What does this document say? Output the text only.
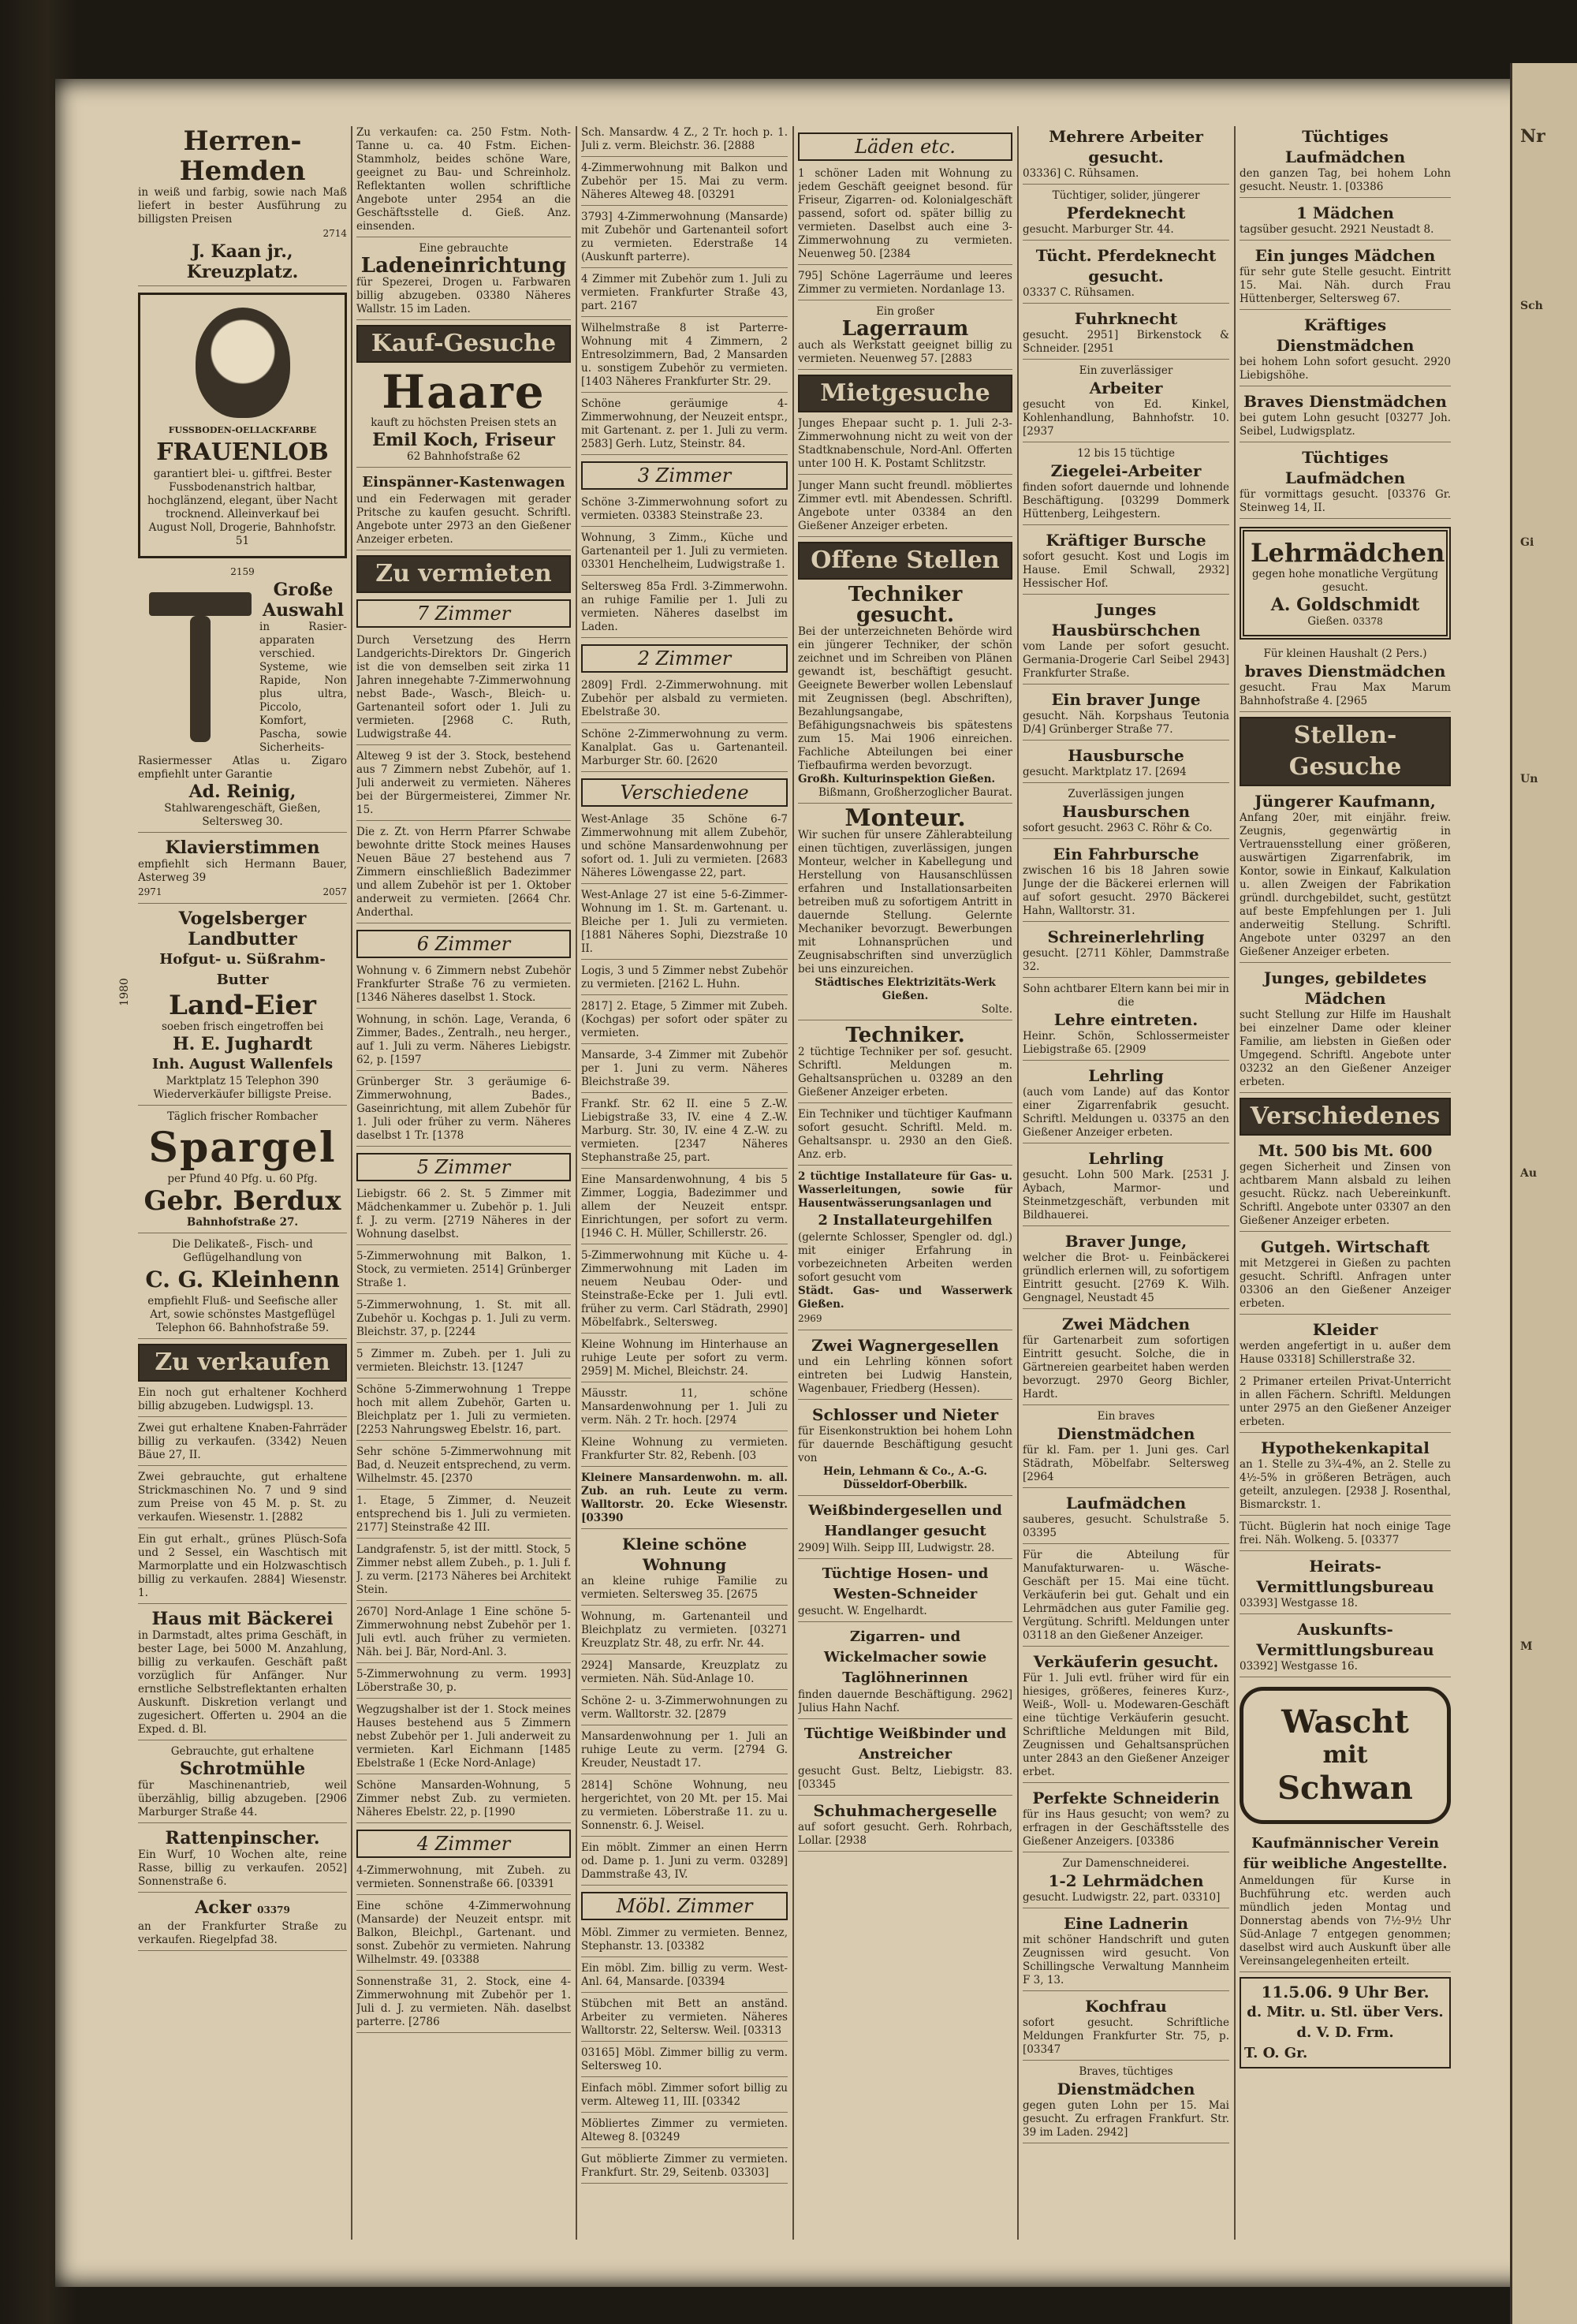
Nr
Sch
Gi
Un
Au
M
Herren-Hemden
in weiß und farbig, sowie nach Maß liefert in bester Ausführung zu billigsten Preisen
2714
J. Kaan jr., Kreuzplatz.
FUSSBODEN-OELLACKFARBE
FRAUENLOB
garantiert blei- u. giftfrei. Bester Fussbodenanstrich haltbar, hochglänzend, elegant, über Nacht trocknend. Alleinverkauf bei August Noll, Drogerie, Bahnhofstr. 51
2159
Große Auswahl
in Rasier-apparaten verschied. Systeme, wie Rapide, Non plus ultra, Piccolo, Komfort, Pascha, sowie Sicherheits-Rasiermesser Atlas u. Zigaro empfiehlt unter Garantie
Ad. Reinig,
Stahlwarengeschäft, Gießen, Seltersweg 30.
Klavierstimmen
empfiehlt sich Hermann Bauer, Asterweg 39
2971	2057
Vogelsberger Landbutter
Hofgut- u. Süßrahm-Butter
Land-Eier
soeben frisch eingetroffen bei
H. E. Jughardt
Inh. August Wallenfels
Marktplatz 15 Telephon 390 Wiederverkäufer billigste Preise.
Täglich frischer Rombacher
Spargel
per Pfund 40 Pfg. u. 60 Pfg.
Gebr. Berdux
Bahnhofstraße 27.
Die Delikateß-, Fisch- und Geflügelhandlung von
C. G. Kleinhenn
empfiehlt Fluß- und Seefische aller Art, sowie schönstes Mastgeflügel Telephon 66. Bahnhofstraße 59.
Zu verkaufen
Ein noch gut erhaltener Kochherd billig abzugeben. Ludwigspl. 13.
Zwei gut erhaltene Knaben-Fahrräder billig zu verkaufen. (3342) Neuen Bäue 27, II.
Zwei gebrauchte, gut erhaltene Strickmaschinen No. 7 und 9 sind zum Preise von 45 M. p. St. zu verkaufen. Wiesenstr. 1. [2882
Ein gut erhalt., grünes Plüsch-Sofa und 2 Sessel, ein Waschtisch mit Marmorplatte und ein Holzwaschtisch billig zu verkaufen. 2884] Wiesenstr. 1.
Haus mit Bäckerei
in Darmstadt, altes prima Geschäft, in bester Lage, bei 5000 M. Anzahlung, billig zu verkaufen. Geschäft paßt vorzüglich für Anfänger. Nur ernstliche Selbstreflektanten erhalten Auskunft. Diskretion verlangt und zugesichert. Offerten u. 2904 an die Exped. d. Bl.
Gebrauchte, gut erhaltene
Schrotmühle
für Maschinenantrieb, weil überzählig, billig abzugeben. [2906 Marburger Straße 44.
Rattenpinscher.
Ein Wurf, 10 Wochen alte, reine Rasse, billig zu verkaufen. 2052] Sonnenstraße 6.
Acker 03379
an der Frankfurter Straße zu verkaufen. Riegelpfad 38.
1980
Zu verkaufen: ca. 250 Fstm. Noth-Tanne u. ca. 40 Fstm. Eichen-Stammholz, beides schöne Ware, geeignet zu Bau- und Schreinholz. Reflektanten wollen schriftliche Angebote unter 2954 an die Geschäftsstelle d. Gieß. Anz. einsenden.
Eine gebrauchte
Ladeneinrichtung
für Spezerei, Drogen u. Farbwaren billig abzugeben. 03380 Näheres Wallstr. 15 im Laden.
Kauf-Gesuche
Haare
kauft zu höchsten Preisen stets an
Emil Koch, Friseur
62 Bahnhofstraße 62
Einspänner-Kastenwagen
und ein Federwagen mit gerader Pritsche zu kaufen gesucht. Schriftl. Angebote unter 2973 an den Gießener Anzeiger erbeten.
Zu vermieten
7 Zimmer
Durch Versetzung des Herrn Landgerichts-Direktors Dr. Gingerich ist die von demselben seit zirka 11 Jahren innegehabte 7-Zimmerwohnung nebst Bade-, Wasch-, Bleich- u. Gartenanteil sofort oder 1. Juli zu vermieten. [2968 C. Ruth, Ludwigstraße 44.
Alteweg 9 ist der 3. Stock, bestehend aus 7 Zimmern nebst Zubehör, auf 1. Juli anderweit zu vermieten. Näheres bei der Bürgermeisterei, Zimmer Nr. 15.
Die z. Zt. von Herrn Pfarrer Schwabe bewohnte dritte Stock meines Hauses Neuen Bäue 27 bestehend aus 7 Zimmern einschließlich Badezimmer und allem Zubehör ist per 1. Oktober anderweit zu vermieten. [2664 Chr. Anderthal.
6 Zimmer
Wohnung v. 6 Zimmern nebst Zubehör Frankfurter Straße 76 zu vermieten. [1346 Näheres daselbst 1. Stock.
Wohnung, in schön. Lage, Veranda, 6 Zimmer, Bades., Zentralh., neu herger., auf 1. Juli zu verm. Näheres Liebigstr. 62, p. [1597
Grünberger Str. 3 geräumige 6-Zimmerwohnung, Bades., Gaseinrichtung, mit allem Zubehör für 1. Juli oder früher zu verm. Näheres daselbst 1 Tr. [1378
5 Zimmer
Liebigstr. 66 2. St. 5 Zimmer mit Mädchenkammer u. Zubehör p. 1. Juli f. J. zu verm. [2719 Näheres in der Wohnung daselbst.
5-Zimmerwohnung mit Balkon, 1. Stock, zu vermieten. 2514] Grünberger Straße 1.
5-Zimmerwohnung, 1. St. mit all. Zubehör u. Kochgas p. 1. Juli zu verm. Bleichstr. 37, p. [2244
5 Zimmer m. Zubeh. per 1. Juli zu vermieten. Bleichstr. 13. [1247
Schöne 5-Zimmerwohnung 1 Treppe hoch mit allem Zubehör, Garten u. Bleichplatz per 1. Juli zu vermieten. [2253 Nahrungsweg Ebelstr. 16, part.
Sehr schöne 5-Zimmerwohnung mit Bad, d. Neuzeit entsprechend, zu verm. Wilhelmstr. 45. [2370
1. Etage, 5 Zimmer, d. Neuzeit entsprechend bis 1. Juli zu vermieten. 2177] Steinstraße 42 III.
Landgrafenstr. 5, ist der mittl. Stock, 5 Zimmer nebst allem Zubeh., p. 1. Juli f. J. zu verm. [2173 Näheres bei Architekt Stein.
2670] Nord-Anlage 1 Eine schöne 5-Zimmerwohnung nebst Zubehör per 1. Juli evtl. auch früher zu vermieten. Näh. bei J. Bär, Nord-Anl. 3.
5-Zimmerwohnung zu verm. 1993] Löberstraße 30, p.
Wegzugshalber ist der 1. Stock meines Hauses bestehend aus 5 Zimmern nebst Zubehör per 1. Juli anderweit zu vermieten. Karl Eichmann [1485 Ebelstraße 1 (Ecke Nord-Anlage)
Schöne Mansarden-Wohnung, 5 Zimmer nebst Zub. zu vermieten. Näheres Ebelstr. 22, p. [1990
4 Zimmer
4-Zimmerwohnung, mit Zubeh. zu vermieten. Sonnenstraße 66. [03391
Eine schöne 4-Zimmerwohnung (Mansarde) der Neuzeit entspr. mit Balkon, Bleichpl., Gartenant. und sonst. Zubehör zu vermieten. Nahrung Wilhelmstr. 49. [03388
Sonnenstraße 31, 2. Stock, eine 4-Zimmerwohnung mit Zubehör per 1. Juli d. J. zu vermieten. Näh. daselbst parterre. [2786
Sch. Mansardw. 4 Z., 2 Tr. hoch p. 1. Juli z. verm. Bleichstr. 36. [2888
4-Zimmerwohnung mit Balkon und Zubehör per 15. Mai zu verm. Näheres Alteweg 48. [03291
3793] 4-Zimmerwohnung (Mansarde) mit Zubehör und Gartenanteil sofort zu vermieten. Ederstraße 14 (Auskunft parterre).
4 Zimmer mit Zubehör zum 1. Juli zu vermieten. Frankfurter Straße 43, part. 2167
Wilhelmstraße 8 ist Parterre-Wohnung mit 4 Zimmern, 2 Entresolzimmern, Bad, 2 Mansarden u. sonstigem Zubehör zu vermieten. [1403 Näheres Frankfurter Str. 29.
Schöne geräumige 4-Zimmerwohnung, der Neuzeit entspr., mit Gartenant. z. per 1. Juli zu verm. 2583] Gerh. Lutz, Steinstr. 84.
3 Zimmer
Schöne 3-Zimmerwohnung sofort zu vermieten. 03383 Steinstraße 23.
Wohnung, 3 Zimm., Küche und Gartenanteil per 1. Juli zu vermieten. 03301 Henchelheim, Ludwigstraße 1.
Seltersweg 85a Frdl. 3-Zimmerwohn. an ruhige Familie per 1. Juli zu vermieten. Näheres daselbst im Laden.
2 Zimmer
2809] Frdl. 2-Zimmerwohnung. mit Zubehör per alsbald zu vermieten. Ebelstraße 30.
Schöne 2-Zimmerwohnung zu verm. Kanalplat. Gas u. Gartenanteil. Marburger Str. 60. [2620
Verschiedene
West-Anlage 35 Schöne 6-7 Zimmerwohnung mit allem Zubehör, und schöne Mansardenwohnung per sofort od. 1. Juli zu vermieten. [2683 Näheres Löwengasse 22, part.
West-Anlage 27 ist eine 5-6-Zimmer-Wohnung im 1. St. m. Gartenant. u. Bleiche per 1. Juli zu vermieten. [1881 Näheres Sophi, Diezstraße 10 II.
Logis, 3 und 5 Zimmer nebst Zubehör zu vermieten. [2162 L. Huhn.
2817] 2. Etage, 5 Zimmer mit Zubeh. (Kochgas) per sofort oder später zu vermieten.
Mansarde, 3-4 Zimmer mit Zubehör per 1. Juni zu verm. Näheres Bleichstraße 39.
Frankf. Str. 62 II. eine 5 Z.-W. Liebigstraße 33, IV. eine 4 Z.-W. Marburg. Str. 30, IV. eine 4 Z.-W. zu vermieten. [2347 Näheres Stephanstraße 25, part.
Eine Mansardenwohnung, 4 bis 5 Zimmer, Loggia, Badezimmer und allem der Neuzeit entspr. Einrichtungen, per sofort zu verm. [1946 C. H. Müller, Schillerstr. 26.
5-Zimmerwohnung mit Küche u. 4-Zimmerwohnung mit Laden im neuem Neubau Oder- und Steinstraße-Ecke per 1. Juli evtl. früher zu verm. Carl Städrath, 2990] Möbelfabrk., Seltersweg.
Kleine Wohnung im Hinterhause an ruhige Leute per sofort zu verm. 2959] M. Michel, Bleichstr. 24.
Mäusstr. 11, schöne Mansardenwohnung per 1. Juli zu verm. Näh. 2 Tr. hoch. [2974
Kleine Wohnung zu vermieten. Frankfurter Str. 82, Rebenh. [03
Kleinere Mansardenwohn. m. all. Zub. an ruh. Leute zu verm. Walltorstr. 20. Ecke Wiesenstr. [03390
Kleine schöne Wohnung
an kleine ruhige Familie zu vermieten. Seltersweg 35. [2675
Wohnung, m. Gartenanteil und Bleichplatz zu vermieten. [03271 Kreuzplatz Str. 48, zu erfr. Nr. 44.
2924] Mansarde, Kreuzplatz zu vermieten. Näh. Süd-Anlage 10.
Schöne 2- u. 3-Zimmerwohnungen zu verm. Walltorstr. 32. [2879
Mansardenwohnung per 1. Juli an ruhige Leute zu verm. [2794 G. Kreuder, Neustadt 17.
2814] Schöne Wohnung, neu hergerichtet, von 20 Mt. per 15. Mai zu vermieten. Löberstraße 11. zu u. Sonnenstr. 6. J. Weisel.
Ein möblt. Zimmer an einen Herrn od. Dame p. 1. Juni zu verm. 03289] Dammstraße 43, IV.
Möbl. Zimmer
Möbl. Zimmer zu vermieten. Bennez, Stephanstr. 13. [03382
Ein möbl. Zim. billig zu verm. West-Anl. 64, Mansarde. [03394
Stübchen mit Bett an anständ. Arbeiter zu vermieten. Näheres Walltorstr. 22, Seltersw. Weil. [03313
03165] Möbl. Zimmer billig zu verm. Seltersweg 10.
Einfach möbl. Zimmer sofort billig zu verm. Alteweg 11, III. [03342
Möbliertes Zimmer zu vermieten. Alteweg 8. [03249
Gut möblierte Zimmer zu vermieten. Frankfurt. Str. 29, Seitenb. 03303]
Läden etc.
1 schöner Laden mit Wohnung zu jedem Geschäft geeignet besond. für Friseur, Zigarren- od. Kolonialgeschäft passend, sofort od. später billig zu vermieten. Daselbst auch eine 3-Zimmerwohnung zu vermieten. Neuenweg 50. [2384
795] Schöne Lagerräume und leeres Zimmer zu vermieten. Nordanlage 13.
Ein großer
Lagerraum
auch als Werkstatt geeignet billig zu vermieten. Neuenweg 57. [2883
Mietgesuche
Junges Ehepaar sucht p. 1. Juli 2-3-Zimmerwohnung nicht zu weit von der Stadtknabenschule, Nord-Anl. Offerten unter 100 H. K. Postamt Schlitzstr.
Junger Mann sucht freundl. möbliertes Zimmer evtl. mit Abendessen. Schriftl. Angebote unter 03384 an den Gießener Anzeiger erbeten.
Offene Stellen
Techniker gesucht.
Bei der unterzeichneten Behörde wird ein jüngerer Techniker, der schön zeichnet und im Schreiben von Plänen gewandt ist, beschäftigt gesucht. Geeignete Bewerber wollen Lebenslauf mit Zeugnissen (begl. Abschriften), Bezahlungsangabe, Befähigungsnachweis bis spätestens zum 15. Mai 1906 einreichen. Fachliche Abteilungen bei einer Tiefbaufirma werden bevorzugt.
Großh. Kulturinspektion Gießen.
Bißmann, Großherzoglicher Baurat.
Monteur.
Wir suchen für unsere Zählerabteilung einen tüchtigen, zuverlässigen, jungen Monteur, welcher in Kabellegung und Herstellung von Hausanschlüssen erfahren und Installationsarbeiten betreiben muß zu sofortigem Antritt in dauernde Stellung. Gelernte Mechaniker bevorzugt. Bewerbungen mit Lohnansprüchen und Zeugnisabschriften sind unverzüglich bei uns einzureichen.
Städtisches Elektrizitäts-Werk Gießen.
Solte.
Techniker.
2 tüchtige Techniker per sof. gesucht. Schriftl. Meldungen m. Gehaltsansprüchen u. 03289 an den Gießener Anzeiger erbeten.
Ein Techniker und tüchtiger Kaufmann sofort gesucht. Schriftl. Meld. m. Gehaltsanspr. u. 2930 an den Gieß. Anz. erb.
2 tüchtige Installateure für Gas- u. Wasserleitungen, sowie für Hausentwässerungsanlagen und
2 Installateurgehilfen
(gelernte Schlosser, Spengler od. dgl.) mit einiger Erfahrung in vorbezeichneten Arbeiten werden sofort gesucht vom
Städt. Gas- und Wasserwerk Gießen.
2969
Zwei Wagnergesellen
und ein Lehrling können sofort eintreten bei Ludwig Hanstein, Wagenbauer, Friedberg (Hessen).
Schlosser und Nieter
für Eisenkonstruktion bei hohem Lohn für dauernde Beschäftigung gesucht von
Hein, Lehmann & Co., A.-G.
Düsseldorf-Oberbilk.
Weißbindergesellen und Handlanger gesucht
2909] Wilh. Seipp III, Ludwigstr. 28.
Tüchtige Hosen- und Westen-Schneider
gesucht. W. Engelhardt.
Zigarren- und Wickelmacher sowie Taglöhnerinnen
finden dauernde Beschäftigung. 2962] Julius Hahn Nachf.
Tüchtige Weißbinder und Anstreicher
gesucht Gust. Beltz, Liebigstr. 83. [03345
Schuhmachergeselle
auf sofort gesucht. Gerh. Rohrbach, Lollar. [2938
Mehrere Arbeiter gesucht.
03336] C. Rühsamen.
Tüchtiger, solider, jüngerer
Pferdeknecht
gesucht. Marburger Str. 44.
Tücht. Pferdeknecht gesucht.
03337 C. Rühsamen.
Fuhrknecht
gesucht. 2951] Birkenstock & Schneider. [2951
Ein zuverlässiger
Arbeiter
gesucht von Ed. Kinkel, Kohlenhandlung, Bahnhofstr. 10. [2937
12 bis 15 tüchtige
Ziegelei-Arbeiter
finden sofort dauernde und lohnende Beschäftigung. [03299 Dommerk Hüttenberg, Leihgestern.
Kräftiger Bursche
sofort gesucht. Kost und Logis im Hause. Emil Schwall, 2932] Hessischer Hof.
Junges Hausbürschchen
vom Lande per sofort gesucht. Germania-Drogerie Carl Seibel 2943] Frankfurter Straße.
Ein braver Junge
gesucht. Näh. Korpshaus Teutonia D/4] Grünberger Straße 77.
Hausbursche
gesucht. Marktplatz 17. [2694
Zuverlässigen jungen
Hausburschen
sofort gesucht. 2963 C. Röhr & Co.
Ein Fahrbursche
zwischen 16 bis 18 Jahren sowie Junge der die Bäckerei erlernen will auf sofort gesucht. 2970 Bäckerei Hahn, Walltorstr. 31.
Schreinerlehrling
gesucht. [2711 Köhler, Dammstraße 32.
Sohn achtbarer Eltern kann bei mir in die
Lehre eintreten.
Heinr. Schön, Schlossermeister Liebigstraße 65. [2909
Lehrling
(auch vom Lande) auf das Kontor einer Zigarrenfabrik gesucht. Schriftl. Meldungen u. 03375 an den Gießener Anzeiger erbeten.
Lehrling
gesucht. Lohn 500 Mark. [2531 J. Aybach, Marmor- und Steinmetzgeschäft, verbunden mit Bildhauerei.
Braver Junge,
welcher die Brot- u. Feinbäckerei gründlich erlernen will, zu sofortigem Eintritt gesucht. [2769 K. Wilh. Gengnagel, Neustadt 45
Zwei Mädchen
für Gartenarbeit zum sofortigen Eintritt gesucht. Solche, die in Gärtnereien gearbeitet haben werden bevorzugt. 2970 Georg Bichler, Hardt.
Ein braves
Dienstmädchen
für kl. Fam. per 1. Juni ges. Carl Städrath, Möbelfabr. Seltersweg [2964
Laufmädchen
sauberes, gesucht. Schulstraße 5. 03395
Für die Abteilung für Manufakturwaren- u. Wäsche-Geschäft per 15. Mai eine tücht. Verkäuferin bei gut. Gehalt und ein Lehrmädchen aus guter Familie geg. Vergütung. Schriftl. Meldungen unter 03118 an den Gießener Anzeiger.
Verkäuferin gesucht.
Für 1. Juli evtl. früher wird für ein hiesiges, größeres, feineres Kurz-, Weiß-, Woll- u. Modewaren-Geschäft eine tüchtige Verkäuferin gesucht. Schriftliche Meldungen mit Bild, Zeugnissen und Gehaltsansprüchen unter 2843 an den Gießener Anzeiger erbet.
Perfekte Schneiderin
für ins Haus gesucht; von wem? zu erfragen in der Geschäftsstelle des Gießener Anzeigers. [03386
Zur Damenschneiderei.
1-2 Lehrmädchen
gesucht. Ludwigstr. 22, part. 03310]
Eine Ladnerin
mit schöner Handschrift und guten Zeugnissen wird gesucht. Von Schillingsche Verwaltung Mannheim F 3, 13.
Kochfrau
sofort gesucht. Schriftliche Meldungen Frankfurter Str. 75, p. [03347
Braves, tüchtiges
Dienstmädchen
gegen guten Lohn per 15. Mai gesucht. Zu erfragen Frankfurt. Str. 39 im Laden. 2942]
Tüchtiges Laufmädchen
den ganzen Tag, bei hohem Lohn gesucht. Neustr. 1. [03386
1 Mädchen
tagsüber gesucht. 2921 Neustadt 8.
Ein junges Mädchen
für sehr gute Stelle gesucht. Eintritt 15. Mai. Näh. durch Frau Hüttenberger, Seltersweg 67.
Kräftiges Dienstmädchen
bei hohem Lohn sofort gesucht. 2920 Liebigshöhe.
Braves Dienstmädchen
bei gutem Lohn gesucht [03277 Joh. Seibel, Ludwigsplatz.
Tüchtiges Laufmädchen
für vormittags gesucht. [03376 Gr. Steinweg 14, II.
Lehrmädchen
gegen hohe monatliche Vergütung gesucht.
A. Goldschmidt
Gießen. 03378
Für kleinen Haushalt (2 Pers.)
braves Dienstmädchen
gesucht. Frau Max Marum Bahnhofstraße 4. [2965
Stellen-Gesuche
Jüngerer Kaufmann,
Anfang 20er, mit einjähr. freiw. Zeugnis, gegenwärtig in Vertrauensstellung einer größeren, auswärtigen Zigarrenfabrik, im Kontor, sowie in Einkauf, Kalkulation u. allen Zweigen der Fabrikation gründl. durchgebildet, sucht, gestützt auf beste Empfehlungen per 1. Juli anderweitig Stellung. Schriftl. Angebote unter 03297 an den Gießener Anzeiger erbeten.
Junges, gebildetes Mädchen
sucht Stellung zur Hilfe im Haushalt bei einzelner Dame oder kleiner Familie, am liebsten in Gießen oder Umgegend. Schriftl. Angebote unter 03232 an den Gießener Anzeiger erbeten.
Verschiedenes
Mt. 500 bis Mt. 600
gegen Sicherheit und Zinsen von achtbarem Mann alsbald zu leihen gesucht. Rückz. nach Uebereinkunft. Schriftl. Angebote unter 03307 an den Gießener Anzeiger erbeten.
Gutgeh. Wirtschaft
mit Metzgerei in Gießen zu pachten gesucht. Schriftl. Anfragen unter 03306 an den Gießener Anzeiger erbeten.
Kleider
werden angefertigt in u. außer dem Hause 03318] Schillerstraße 32.
2 Primaner erteilen Privat-Unterricht in allen Fächern. Schriftl. Meldungen unter 2975 an den Gießener Anzeiger erbeten.
Hypothekenkapital
an 1. Stelle zu 3¾-4%, an 2. Stelle zu 4½-5% in größeren Beträgen, auch geteilt, anzulegen. [2938 J. Rosenthal, Bismarckstr. 1.
Tücht. Büglerin hat noch einige Tage frei. Näh. Wolkeng. 5. [03377
Heirats-Vermittlungsbureau
03393] Westgasse 18.
Auskunfts-Vermittlungsbureau
03392] Westgasse 16.
Wascht
mit
Schwan
Kaufmännischer Verein
für weibliche Angestellte.
Anmeldungen für Kurse in Buchführung etc. werden auch mündlich jeden Montag und Donnerstag abends von 7½-9½ Uhr Süd-Anlage 7 entgegen genommen; daselbst wird auch Auskunft über alle Vereinsangelegenheiten erteilt.
11.5.06. 9 Uhr Ber.
d. Mitr. u. Stl. über Vers.
d. V. D. Frm.
T. O. Gr.
